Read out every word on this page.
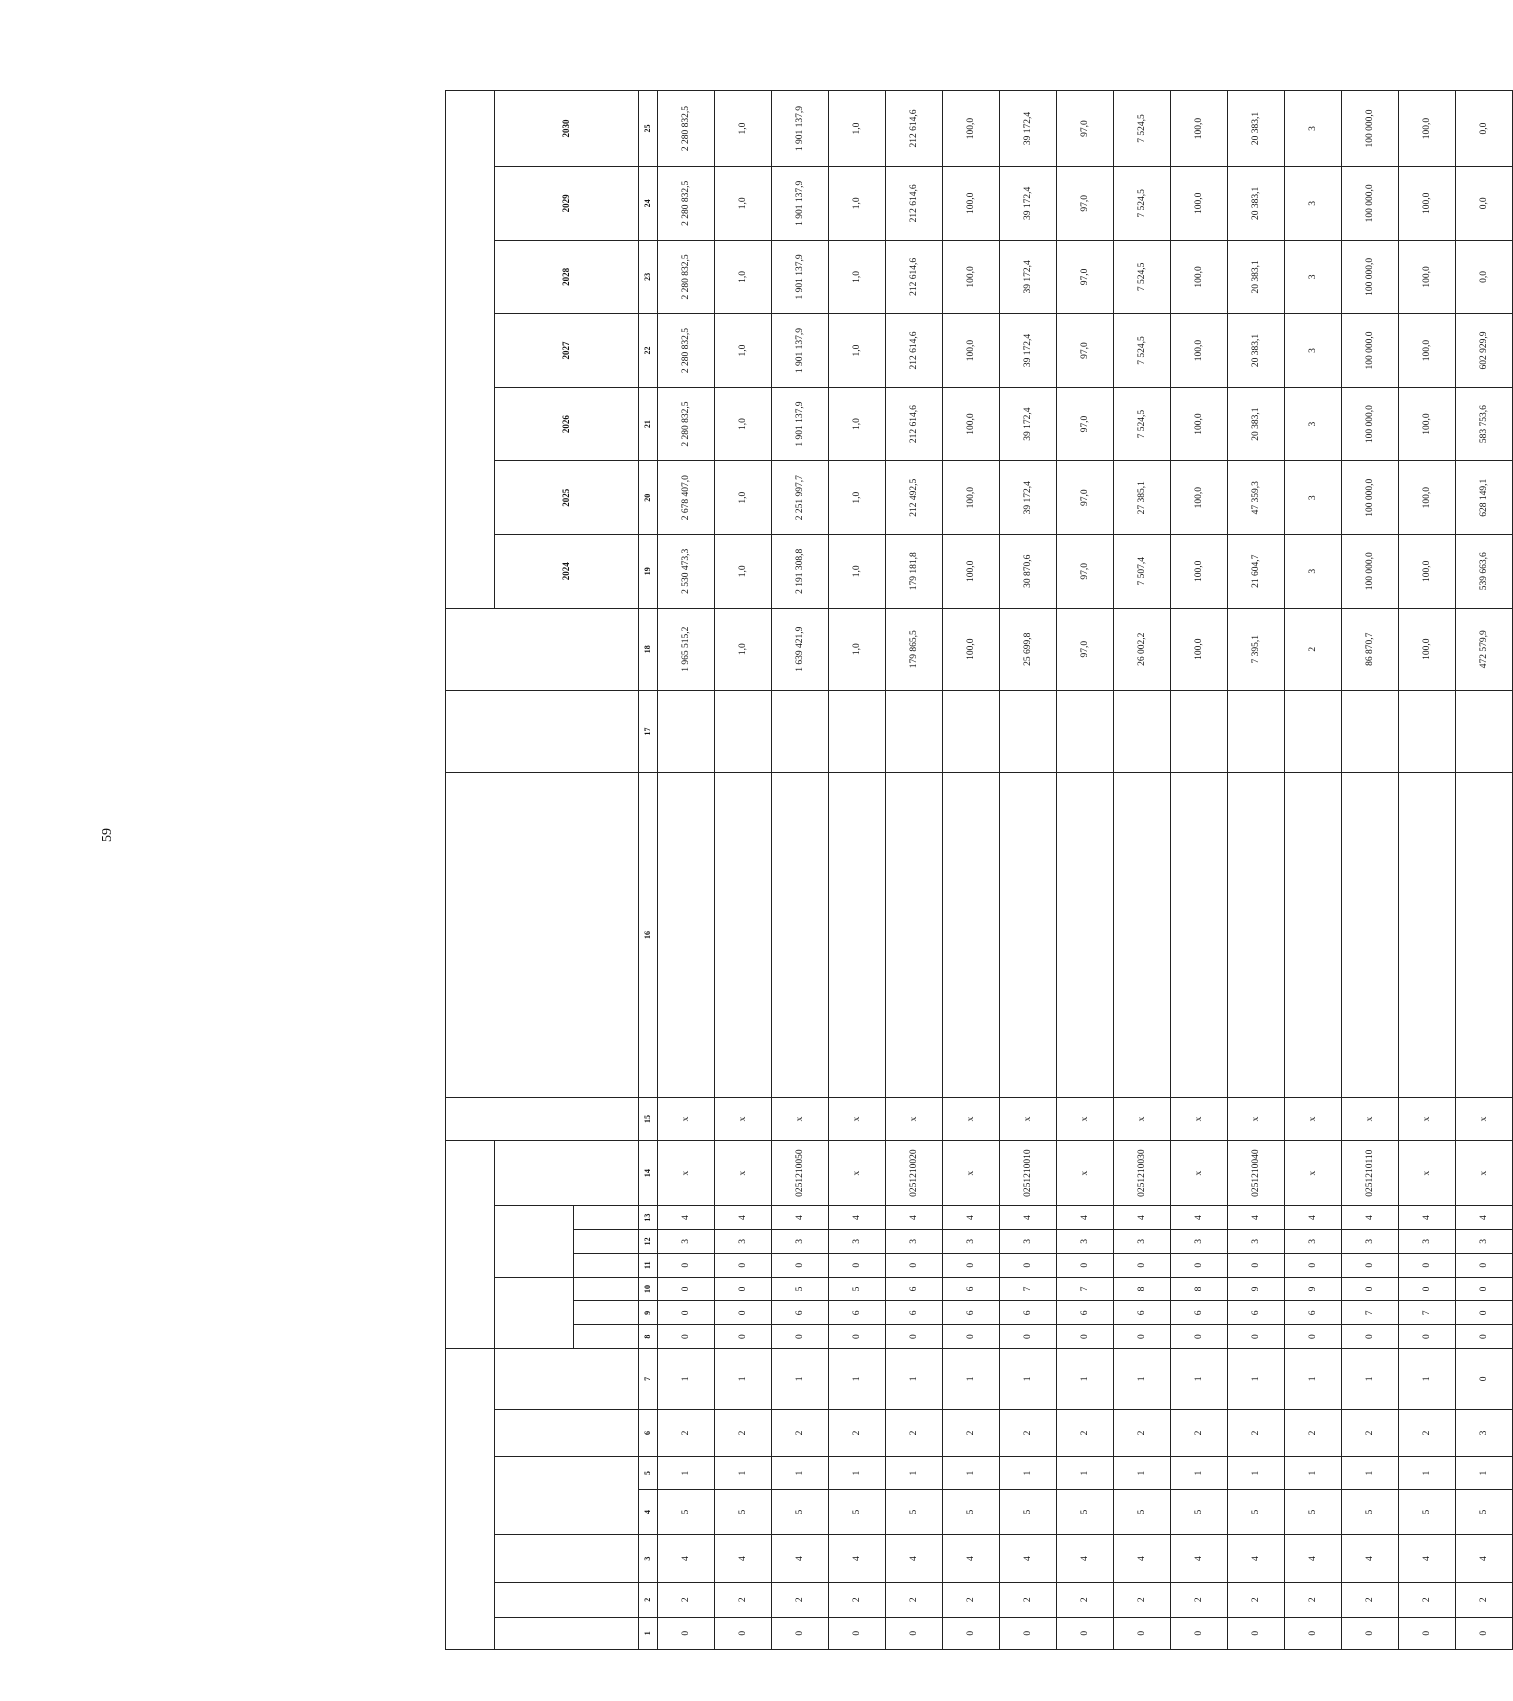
59

																		2024	2025	2026	2027	2028	2029	2030

1	2	3	4	5	6	7	8	9	10	11	12	13	14	15	16	17	18	19	20	21	22	23	24	25
0	2	4	5	1	2	1	0	0	0	0	3	4	x	x			1 965 515,2	2 530 473,3	2 678 407,0	2 280 832,5	2 280 832,5	2 280 832,5	2 280 832,5	2 280 832,5
0	2	4	5	1	2	1	0	0	0	0	3	4	x	x			1,0	1,0	1,0	1,0	1,0	1,0	1,0	1,0
0	2	4	5	1	2	1	0	6	5	0	3	4	0251210050	x			1 639 421,9	2 191 308,8	2 251 997,7	1 901 137,9	1 901 137,9	1 901 137,9	1 901 137,9	1 901 137,9
0	2	4	5	1	2	1	0	6	5	0	3	4	x	x			1,0	1,0	1,0	1,0	1,0	1,0	1,0	1,0
0	2	4	5	1	2	1	0	6	6	0	3	4	0251210020	x			179 865,5	179 181,8	212 492,5	212 614,6	212 614,6	212 614,6	212 614,6	212 614,6
0	2	4	5	1	2	1	0	6	6	0	3	4	x	x			100,0	100,0	100,0	100,0	100,0	100,0	100,0	100,0
0	2	4	5	1	2	1	0	6	7	0	3	4	0251210010	x			25 699,8	30 870,6	39 172,4	39 172,4	39 172,4	39 172,4	39 172,4	39 172,4
0	2	4	5	1	2	1	0	6	7	0	3	4	x	x			97,0	97,0	97,0	97,0	97,0	97,0	97,0	97,0
0	2	4	5	1	2	1	0	6	8	0	3	4	0251210030	x			26 002,2	7 507,4	27 385,1	7 524,5	7 524,5	7 524,5	7 524,5	7 524,5
0	2	4	5	1	2	1	0	6	8	0	3	4	x	x			100,0	100,0	100,0	100,0	100,0	100,0	100,0	100,0
0	2	4	5	1	2	1	0	6	9	0	3	4	0251210040	x			7 395,1	21 604,7	47 359,3	20 383,1	20 383,1	20 383,1	20 383,1	20 383,1
0	2	4	5	1	2	1	0	6	9	0	3	4	x	x			2	3	3	3	3	3	3	3
0	2	4	5	1	2	1	0	7	0	0	3	4	0251210110	x			86 870,7	100 000,0	100 000,0	100 000,0	100 000,0	100 000,0	100 000,0	100 000,0
0	2	4	5	1	2	1	0	7	0	0	3	4	x	x			100,0	100,0	100,0	100,0	100,0	100,0	100,0	100,0
0	2	4	5	1	3	0	0	0	0	0	3	4	x	x			472 579,9	539 663,6	628 149,1	583 753,6	602 929,9	0,0	0,0	0,0
